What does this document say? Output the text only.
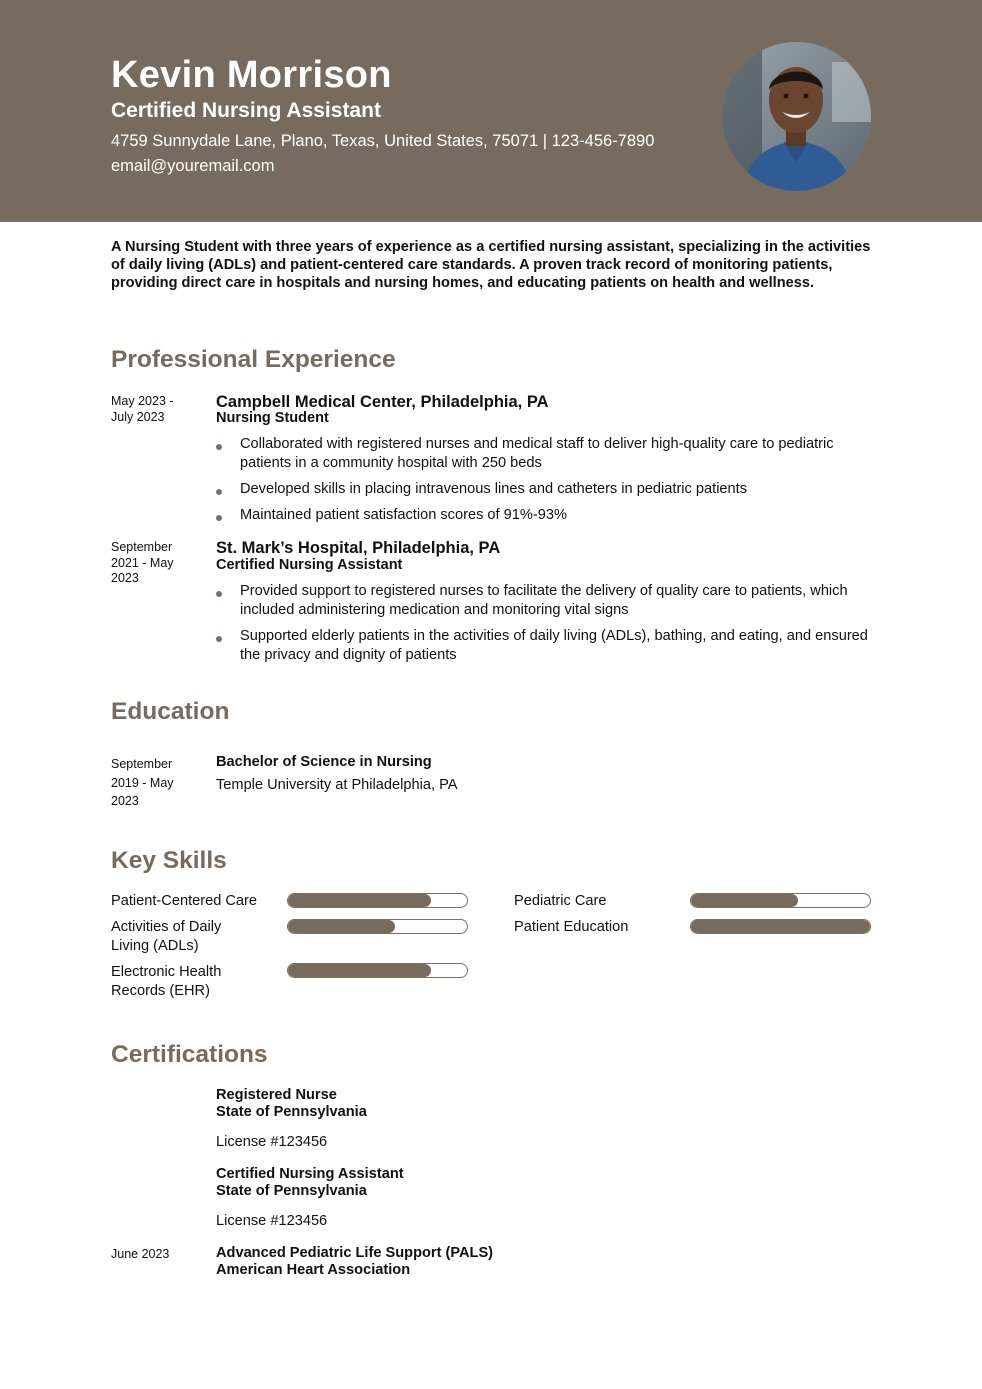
Kevin Morrison
Certified Nursing Assistant
4759 Sunnydale Lane, Plano, Texas, United States, 75071 | 123-456-7890
email@youremail.com
A Nursing Student with three years of experience as a certified nursing assistant, specializing in the activities of daily living (ADLs) and patient-centered care standards. A proven track record of monitoring patients, providing direct care in hospitals and nursing homes, and educating patients on health and wellness.
Professional Experience
May 2023 - July 2023
Campbell Medical Center, Philadelphia, PA
Nursing Student
Collaborated with registered nurses and medical staff to deliver high-quality care to pediatric patients in a community hospital with 250 beds
Developed skills in placing intravenous lines and catheters in pediatric patients
Maintained patient satisfaction scores of 91%-93%
September 2021 - May 2023
St. Mark’s Hospital, Philadelphia, PA
Certified Nursing Assistant
Provided support to registered nurses to facilitate the delivery of quality care to patients, which included administering medication and monitoring vital signs
Supported elderly patients in the activities of daily living (ADLs), bathing, and eating, and ensured the privacy and dignity of patients
Education
September 2019 - May 2023
Bachelor of Science in Nursing
Temple University at Philadelphia, PA
Key Skills
Patient-Centered Care	Pediatric Care
Activities of Daily Living (ADLs)
Patient Education
Electronic Health Records (EHR)
Certifications
Registered Nurse
State of Pennsylvania
License #123456
Certified Nursing Assistant
State of Pennsylvania
License #123456
June 2023	Advanced Pediatric Life Support (PALS)
American Heart Association
